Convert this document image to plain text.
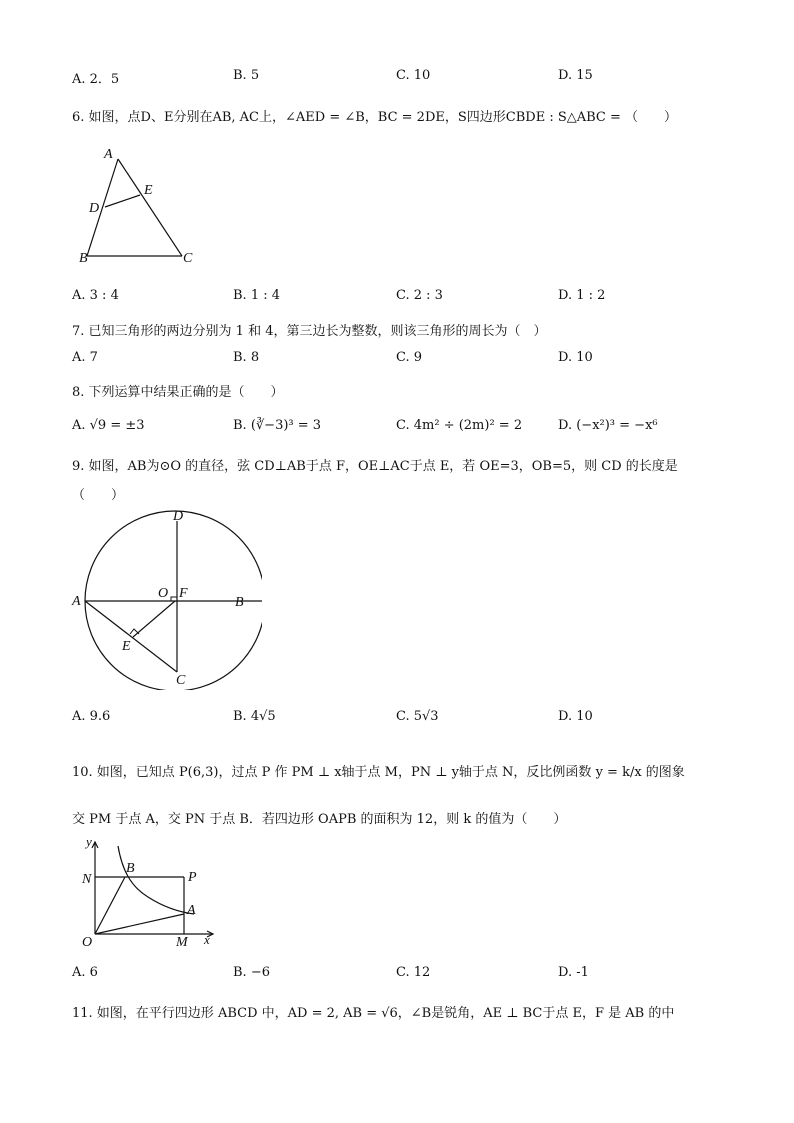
A. 2．5	B. 5	C. 10	D. 15
6. 如图，点D、E分别在AB, AC上，∠AED = ∠B，BC = 2DE，S四边形CBDE : S△ABC = （　　）
A
D
E
B	C
A. 3 : 4	B. 1 : 4	C. 2 : 3	D. 1 : 2
7. 已知三角形的两边分别为 1 和 4，第三边长为整数，则该三角形的周长为（　）
A. 7	B. 8	C. 9	D. 10
8. 下列运算中结果正确的是（　　）
A. √9 = ±3	B. (∛−3)³ = 3	C. 4m² ÷ (2m)² = 2	D. (−x²)³ = −x⁶
9. 如图，AB为⊙O 的直径，弦 CD⊥AB于点 F，OE⊥AC于点 E，若 OE=3，OB=5，则 CD 的长度是
（　　）
D
O F
A	B
E
C
A. 9.6	B. 4√5	C. 5√3	D. 10
10. 如图，已知点 P(6,3)，过点 P 作 PM ⊥ x轴于点 M，PN ⊥ y轴于点 N，反比例函数 y = k/x 的图象
交 PM 于点 A，交 PN 于点 B．若四边形 OAPB 的面积为 12，则 k 的值为（　　）
y
B
N	P
A
O	M x
A. 6	B. −6	C. 12	D. -1
11. 如图，在平行四边形 ABCD 中，AD = 2, AB = √6，∠B是锐角，AE ⊥ BC于点 E，F 是 AB 的中
